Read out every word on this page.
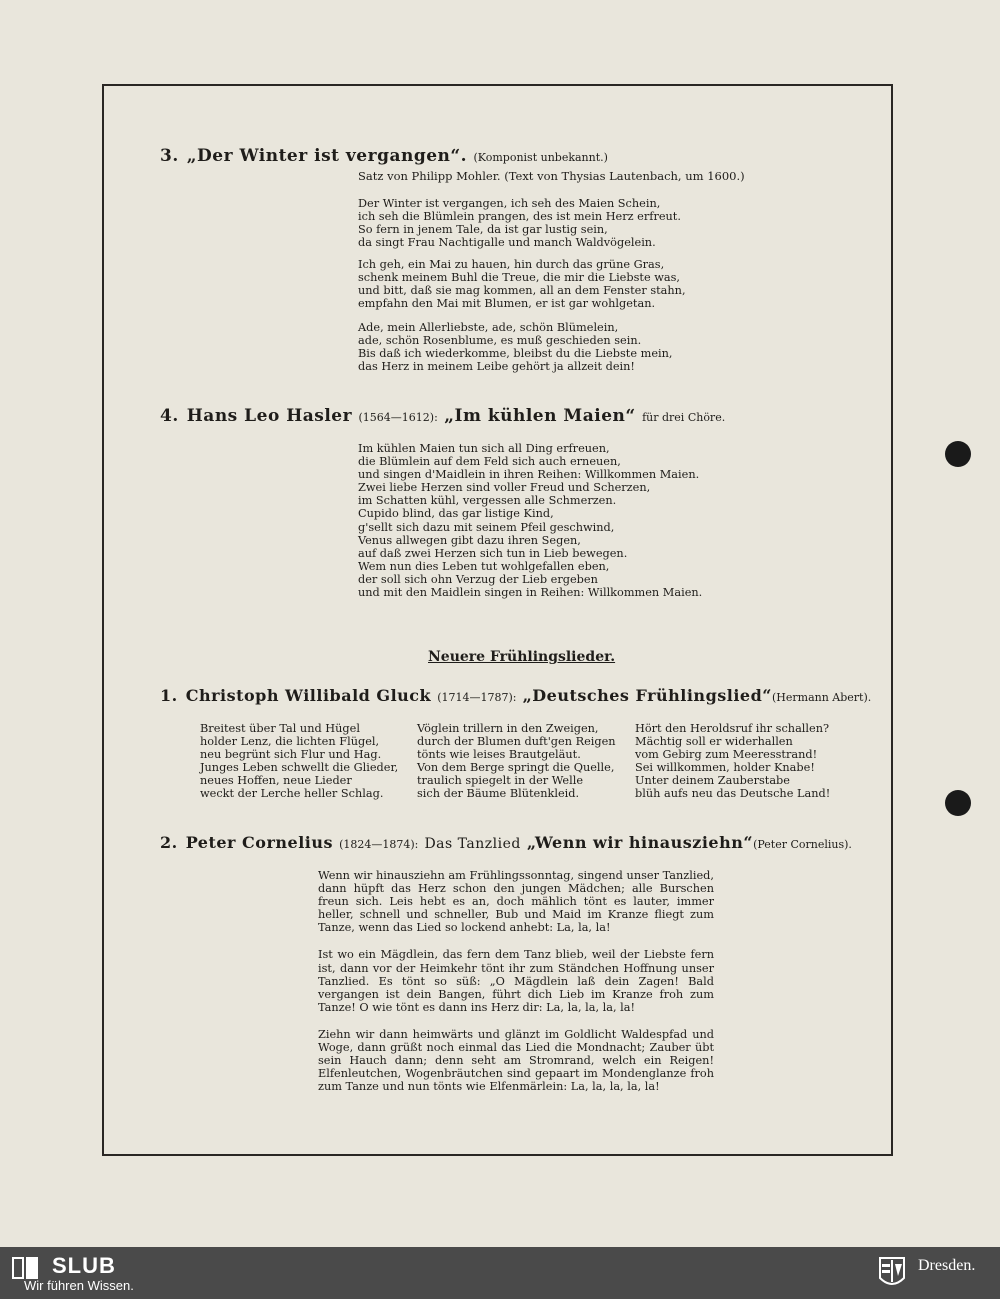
3. „Der Winter ist vergangen“. (Komponist unbekannt.)
Satz von Philipp Mohler. (Text von Thysias Lautenbach, um 1600.)
Der Winter ist vergangen, ich seh des Maien Schein,
ich seh die Blümlein prangen, des ist mein Herz erfreut.
So fern in jenem Tale, da ist gar lustig sein,
da singt Frau Nachtigalle und manch Waldvögelein.
Ich geh, ein Mai zu hauen, hin durch das grüne Gras,
schenk meinem Buhl die Treue, die mir die Liebste was,
und bitt, daß sie mag kommen, all an dem Fenster stahn,
empfahn den Mai mit Blumen, er ist gar wohlgetan.
Ade, mein Allerliebste, ade, schön Blümelein,
ade, schön Rosenblume, es muß geschieden sein.
Bis daß ich wiederkomme, bleibst du die Liebste mein,
das Herz in meinem Leibe gehört ja allzeit dein!
4. Hans Leo Hasler (1564—1612): „Im kühlen Maien“ für drei Chöre.
Im kühlen Maien tun sich all Ding erfreuen,
die Blümlein auf dem Feld sich auch erneuen,
und singen d'Maidlein in ihren Reihen: Willkommen Maien.
Zwei liebe Herzen sind voller Freud und Scherzen,
im Schatten kühl, vergessen alle Schmerzen.
Cupido blind, das gar listige Kind,
g'sellt sich dazu mit seinem Pfeil geschwind,
Venus allwegen gibt dazu ihren Segen,
auf daß zwei Herzen sich tun in Lieb bewegen.
Wem nun dies Leben tut wohlgefallen eben,
der soll sich ohn Verzug der Lieb ergeben
und mit den Maidlein singen in Reihen: Willkommen Maien.
Neuere Frühlingslieder.
1. Christoph Willibald Gluck (1714—1787): „Deutsches Frühlingslied“(Hermann Abert).
Breitest über Tal und Hügel
holder Lenz, die lichten Flügel,
neu begrünt sich Flur und Hag.
Junges Leben schwellt die Glieder,
neues Hoffen, neue Lieder
weckt der Lerche heller Schlag.
Vöglein trillern in den Zweigen,
durch der Blumen duft'gen Reigen
tönts wie leises Brautgeläut.
Von dem Berge springt die Quelle,
traulich spiegelt in der Welle
sich der Bäume Blütenkleid.
Hört den Heroldsruf ihr schallen?
Mächtig soll er widerhallen
vom Gebirg zum Meeresstrand!
Sei willkommen, holder Knabe!
Unter deinem Zauberstabe
blüh aufs neu das Deutsche Land!
2. Peter Cornelius (1824—1874): Das Tanzlied „Wenn wir hinausziehn“(Peter Cornelius).

Wenn wir hinausziehn am Frühlingssonntag, singend unser Tanzlied, dann hüpft das Herz schon den jungen Mädchen; alle Burschen freun sich. Leis hebt es an, doch mählich tönt es lauter, immer heller, schnell und schneller, Bub und Maid im Kranze fliegt zum Tanze, wenn das Lied so lockend anhebt: La, la, la!

Ist wo ein Mägdlein, das fern dem Tanz blieb, weil der Liebste fern ist, dann vor der Heimkehr tönt ihr zum Ständchen Hoffnung unser Tanzlied. Es tönt so süß: „O Mägdlein laß dein Zagen! Bald vergangen ist dein Bangen, führt dich Lieb im Kranze froh zum Tanze! O wie tönt es dann ins Herz dir: La, la, la, la, la!

Ziehn wir dann heimwärts und glänzt im Goldlicht Waldespfad und Woge, dann grüßt noch einmal das Lied die Mondnacht; Zauber übt sein Hauch dann; denn seht am Stromrand, welch ein Reigen! Elfenleutchen, Wogenbräutchen sind gepaart im Mondenglanze froh zum Tanze und nun tönts wie Elfenmärlein: La, la, la, la, la!

SLUB
Wir führen Wissen.
Dresden.
